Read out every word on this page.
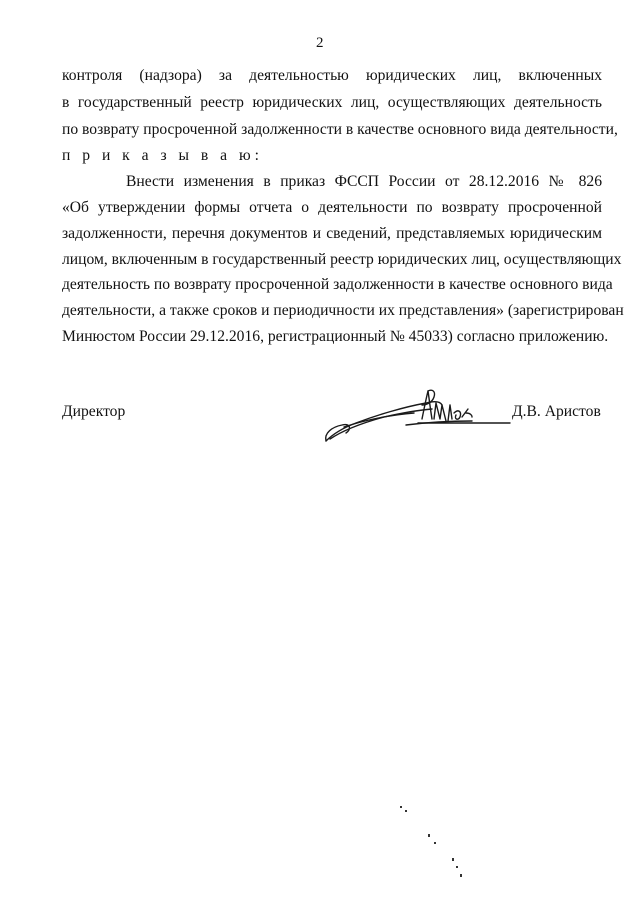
2
контроля (надзора) за деятельностью юридических лиц, включенных
в государственный реестр юридических лиц, осуществляющих деятельность
по возврату просроченной задолженности в качестве основного вида деятельности,
п р и к а з ы в а ю:
Внести изменения в приказ ФССП России от 28.12.2016 № 826
«Об утверждении формы отчета о деятельности по возврату просроченной
задолженности, перечня документов и сведений, представляемых юридическим
лицом, включенным в государственный реестр юридических лиц, осуществляющих
деятельность по возврату просроченной задолженности в качестве основного вида
деятельности, а также сроков и периодичности их представления» (зарегистрирован
Минюстом России 29.12.2016, регистрационный № 45033) согласно приложению.
Директор	Д.В. Аристов
